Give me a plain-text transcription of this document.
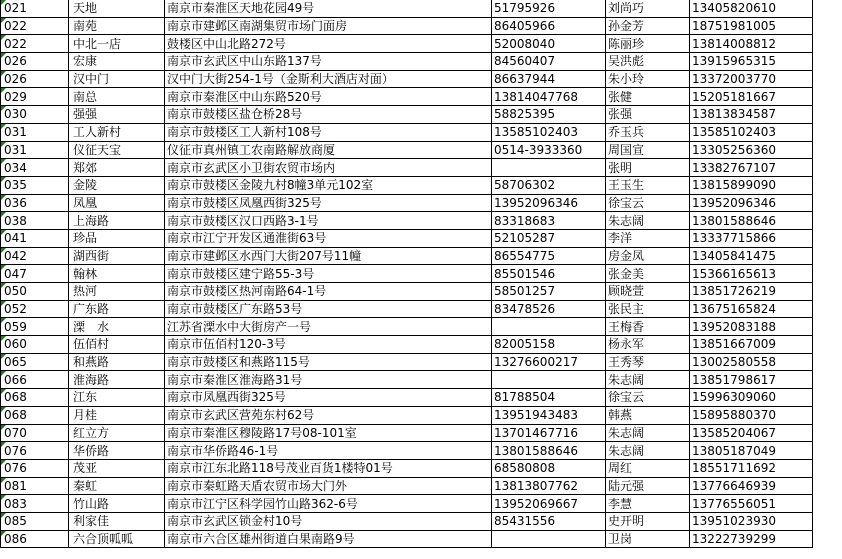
021	天地	南京市秦淮区天地花园49号	51795926	刘尚巧	13405820610
022	南苑	南京市建邺区南湖集贸市场门面房	86405966	孙金芳	18751981005
022	中北一店	鼓楼区中山北路272号	52008040	陈丽珍	13814008812
026	宏康	南京市玄武区中山东路137号	84560407	吴洪彪	13915965315
026	汉中门	汉中门大街254-1号（金斯利大酒店对面）	86637944	朱小玲	13372003770
029	南总	南京市秦淮区中山东路520号	13814047768	张健	15205181667
030	强强	南京市鼓楼区盐仓桥28号	58825395	张强	13813834587
031	工人新村	南京市鼓楼区工人新村108号	13585102403	乔玉兵	13585102403
031	仪征天宝	仪征市真州镇工农南路解放商厦	0514-3933360	周国宣	13305256360
034	郑郊	南京市玄武区小卫街农贸市场内		张明	13382767107
035	金陵	南京市鼓楼区金陵九村8幢3单元102室	58706302	王玉生	13815899090
036	凤凰	南京市鼓楼区凤凰西街325号	13952096346	徐宝云	13952096346
038	上海路	南京市鼓楼区汉口西路3-1号	83318683	朱志阔	13801588646
041	珍品	南京市江宁开发区通淮街63号	52105287	李洋	13337715866
042	湖西街	南京市建邺区水西门大街207号11幢	86554775	房金凤	13405841475
047	翰林	南京市鼓楼区建宁路55-3号	85501546	张金美	15366165613
050	热河	南京市鼓楼区热河南路64-1号	58501257	顾晓萱	13851726219
052	广东路	南京市鼓楼区广东路53号	83478526	张民主	13675165824
059	溧　水	江苏省溧水中大街房产一号		王梅香	13952083188
060	伍佰村	南京市伍佰村120-3号	82005158	杨永军	13851667009
065	和燕路	南京市鼓楼区和燕路115号	13276600217	王秀琴	13002580558
066	淮海路	南京市秦淮区淮海路31号		朱志阔	13851798617
068	江东	南京市凤凰西街325号	81788504	徐宝云	15996309060
068	月桂	南京市玄武区营苑东村62号	13951943483	韩燕	15895880370
070	红立方	南京市秦淮区穆陵路17号08-101室	13701467716	朱志阔	13585204067
076	华侨路	南京市华侨路46-1号	13801588646	朱志阔	13805187049
076	茂亚	南京市江东北路118号茂业百货1楼特01号	68580808	周红	18551711692
081	秦虹	南京市秦虹路天盾农贸市场大门外	13813807762	陆元强	13776646939
083	竹山路	南京市江宁区科学园竹山路362-6号	13952069667	李慧	13776556051
085	利家佳	南京市玄武区锁金村10号	85431556	史开明	13951023930
086	六合顶呱呱	南京市六合区雄州街道白果南路9号		卫岗	13222739299
